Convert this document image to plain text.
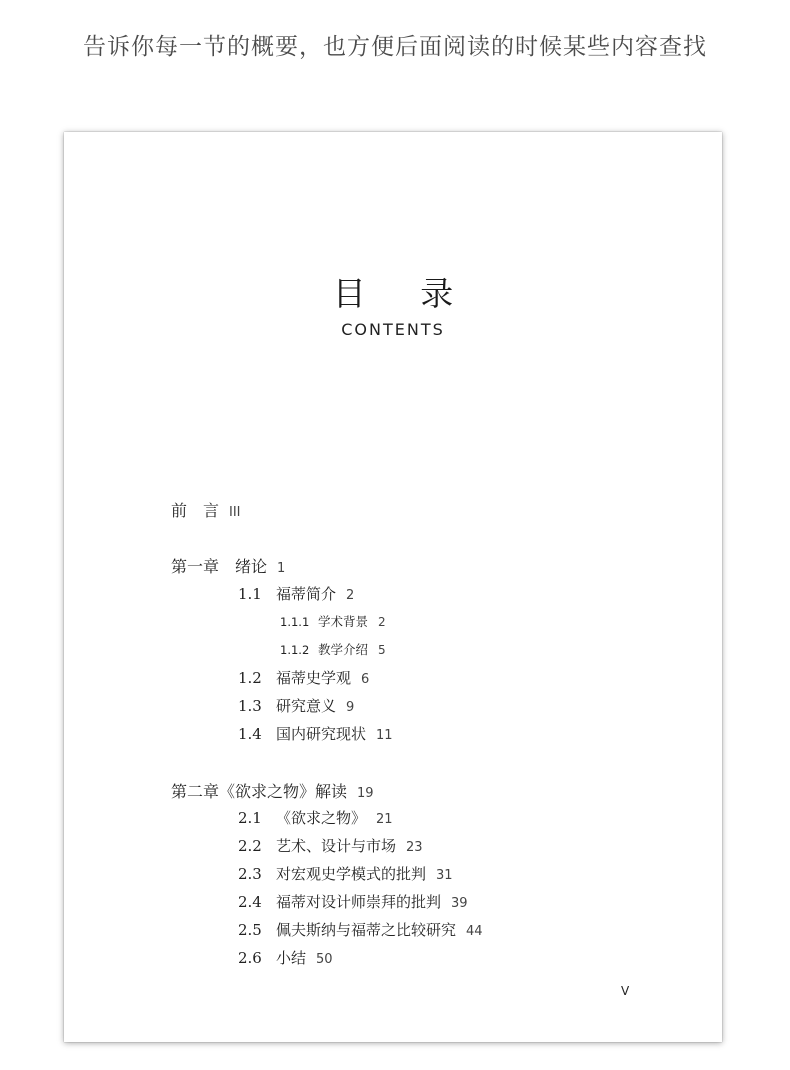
告诉你每一节的概要，也方便后面阅读的时候某些内容查找
目 录
CONTENTS
前　言 III
第一章　绪论 1
1.1 福蒂简介 2
1.1.1 学术背景 2
1.1.2 教学介绍 5
1.2 福蒂史学观 6
1.3 研究意义 9
1.4 国内研究现状 11
第二章《欲求之物》解读 19
2.1 《欲求之物》 21
2.2 艺术、设计与市场 23
2.3 对宏观史学模式的批判 31
2.4 福蒂对设计师崇拜的批判 39
2.5 佩夫斯纳与福蒂之比较研究 44
2.6 小结 50
V
